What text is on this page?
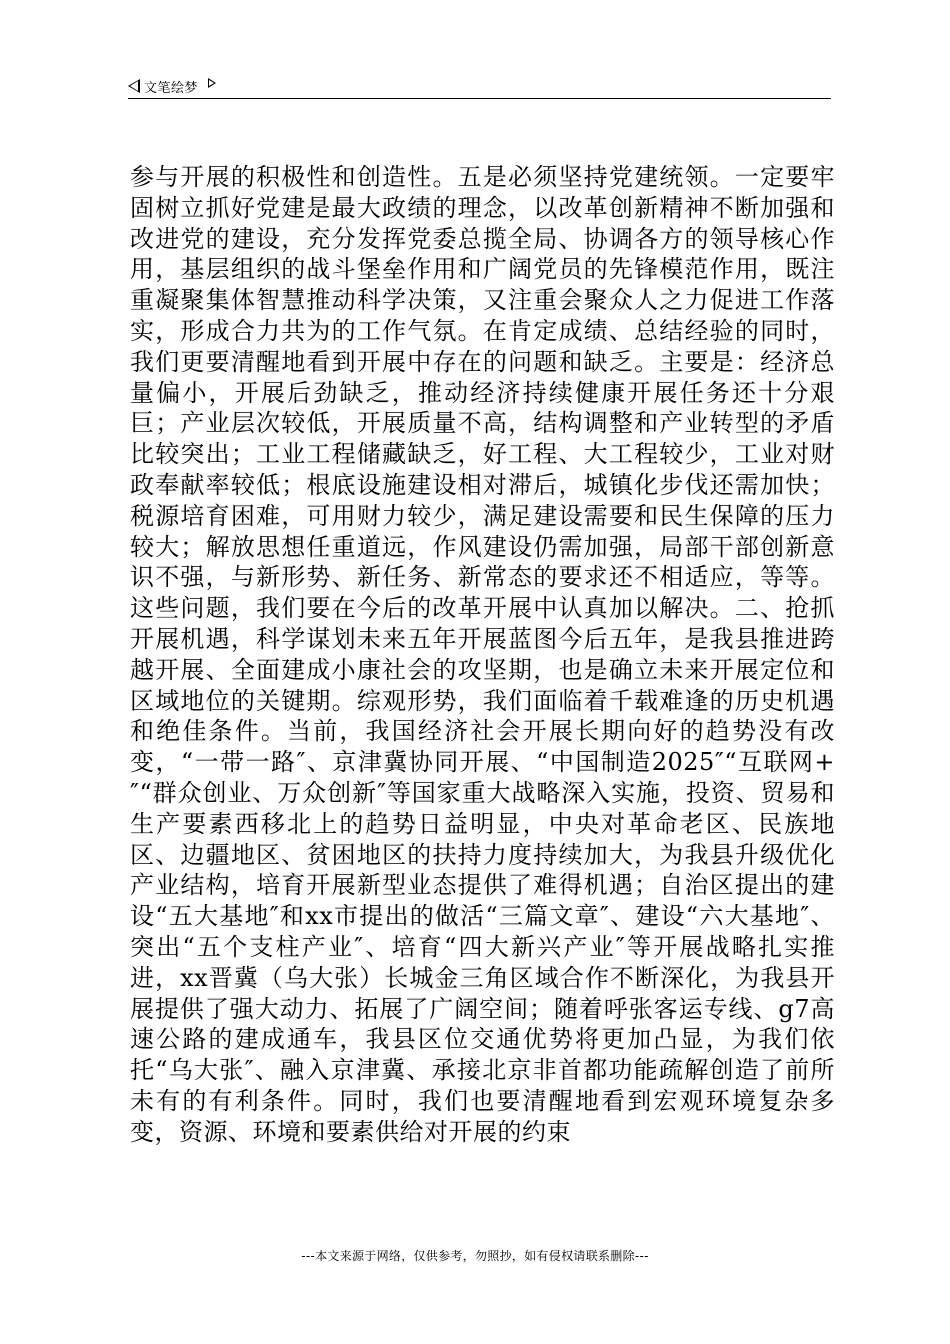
文笔绘梦

参与开展的积极性和创造性。五是必须坚持党建统领。一定要牢固树立抓好党建是最大政绩的理念，以改革创新精神不断加强和改进党的建设，充分发挥党委总揽全局、协调各方的领导核心作用，基层组织的战斗堡垒作用和广阔党员的先锋模范作用，既注重凝聚集体智慧推动科学决策，又注重会聚众人之力促进工作落实，形成合力共为的工作气氛。在肯定成绩、总结经验的同时，我们更要清醒地看到开展中存在的问题和缺乏。主要是：经济总量偏小，开展后劲缺乏，推动经济持续健康开展任务还十分艰巨；产业层次较低，开展质量不高，结构调整和产业转型的矛盾比较突出；工业工程储藏缺乏，好工程、大工程较少，工业对财政奉献率较低；根底设施建设相对滞后，城镇化步伐还需加快；税源培育困难，可用财力较少，满足建设需要和民生保障的压力较大；解放思想任重道远，作风建设仍需加强，局部干部创新意识不强，与新形势、新任务、新常态的要求还不相适应，等等。这些问题，我们要在今后的改革开展中认真加以解决。二、抢抓开展机遇，科学谋划未来五年开展蓝图今后五年，是我县推进跨越开展、全面建成小康社会的攻坚期，也是确立未来开展定位和区域地位的关键期。综观形势，我们面临着千载难逢的历史机遇和绝佳条件。当前，我国经济社会开展长期向好的趋势没有改变，“一带一路″、京津冀协同开展、“中国制造2025″“互联网+″“群众创业、万众创新″等国家重大战略深入实施，投资、贸易和生产要素西移北上的趋势日益明显，中央对革命老区、民族地区、边疆地区、贫困地区的扶持力度持续加大，为我县升级优化产业结构，培育开展新型业态提供了难得机遇；自治区提出的建设“五大基地″和xx市提出的做活“三篇文章″、建设“六大基地″、突出“五个支柱产业″、培育“四大新兴产业″等开展战略扎实推进，xx晋冀（乌大张）长城金三角区域合作不断深化，为我县开展提供了强大动力、拓展了广阔空间；随着呼张客运专线、g7高速公路的建成通车，我县区位交通优势将更加凸显，为我们依托“乌大张″、融入京津冀、承接北京非首都功能疏解创造了前所未有的有利条件。同时，我们也要清醒地看到宏观环境复杂多变，资源、环境和要素供给对开展的约束

---本文来源于网络，仅供参考，勿照抄，如有侵权请联系删除---
